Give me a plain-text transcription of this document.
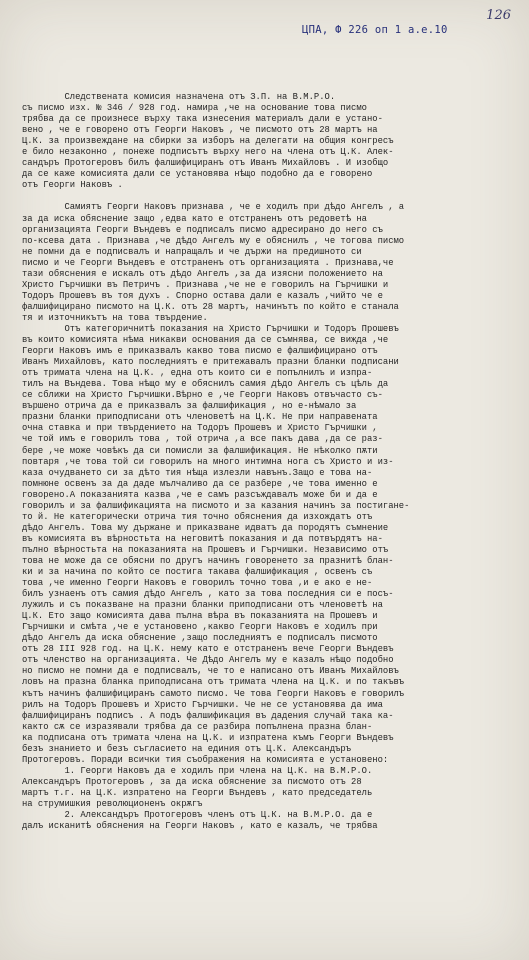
ЦПА, Ф 226 оп 1 а.е.10
126
Следствената комисия назначена отъ З.П. на В.М.Р.О.
съ писмо изх. № 346 / 928 год. намира ,че на основание това писмо
трябва да се произнесе върху така изнесения материалъ дали е устано-
вено , че е говорено отъ Георги Наковъ , че писмото отъ 28 мартъ на
Ц.К. за произвеждане на сбирки за изборъ на делегати на общия конгресъ
е било незаконно , понеже подписътъ върху него на члена отъ Ц.К. Алек-
сандъръ Протогеровъ билъ фалшифициранъ отъ Иванъ Михайловъ . И изобщо
да се каже комисията дали се установява нѣщо подобно да е говорено
отъ Георги Наковъ .
Самиятъ Георги Наковъ признава , че е ходилъ при дѣдо Ангелъ , а
за да иска обяснение защо ,едва като е отстраненъ отъ редоветѣ на
организацията Георги Въндевъ е подписалъ писмо адресирано до него съ
по-ксева дата . Признава ,че дѣдо Ангелъ му е обяснилъ , че тогова писмо
не помни да е подписвалъ и напращалъ и че държи на предишното си
писмо и че Георги Въндевъ е отстраненъ отъ организацията . Признава,че
тази обяснения е искалъ отъ дѣдо Ангелъ ,за да изясни положението на
Христо Гърчишки въ Петричъ . Признава ,че не е говорилъ на Гърчишки и
Тодоръ Прошевъ въ тоя духъ . Спорно остава дали е казалъ ,чийто че е
фалшифицирано писмото на Ц.К. отъ 28 мартъ, начинътъ по който е станала
тя и източникътъ на това твърдение.
Отъ категоричнитѣ показания на Христо Гърчишки и Тодоръ Прошевъ
въ които комисията нѣма никакви основания да се съмнява, се вижда ,че
Георги Наковъ имъ е приказвалъ какво това писмо е фалшифицирано отъ
Иванъ Михайловъ, като последниятъ е притежавалъ празни бланки подписани
отъ тримата члена на Ц.К. , една отъ които си е попълнилъ и изпра-
тилъ на Въндева. Това нѣщо му е обяснилъ самия дѣдо Ангелъ съ цѣль да
се сближи на Христо Гърчишки.Вѣрно е ,че Георги Наковъ отвъчасто съ-
вършено отрича да е приказвалъ за фалшификация , но е-нѣмало за
празни бланки приподписани отъ членоветѣ на Ц.К. Не при направената
очна ставка и при твърдението на Тодоръ Прошевъ и Христо Гърчишки ,
че той имъ е говорилъ това , той отрича ,а все пакъ дава ,да се раз-
бере ,че може човѣкъ да си помисли за фалшификация. Не нѣколко пѫти
повтаря ,че това той си говорилъ на много интимна нога съ Христо и из-
каза очудването си за дѣто тия нѣща излезли навънъ.Защо е това на-
помнюне освенъ за да даде мълчаливо да се разбере ,че това именно е
говорено.А показанията казва ,че е самъ разсъждавалъ може би и да е
говорилъ и за фалшификацията на писмото и за казания начинъ за постигане-
то й. Не категорически отрича тия точно обяснения да изхождатъ отъ
дѣдо Ангелъ. Това му държане и приказване идватъ да породятъ съмнение
въ комисията въ вѣрностьта на неговитѣ показания и да потвърдятъ на-
пълно вѣрностьта на показанията на Прошевъ и Гърчишки. Независимо отъ
това не може да се обясни по другъ начинъ говоренето за празнитѣ блан-
ки и за начина по който се постига такава фалшификация , освенъ съ
това ,че именно Георги Наковъ е говорилъ точно това ,и е ако е не-
билъ узнаенъ отъ самия дѣдо Ангелъ , като за това последния си е посъ-
лужилъ и съ показване на празни бланки приподписани отъ членоветѣ на
Ц.К. Ето защо комисията дава пълна вѣра въ показанията на Прошевъ и
Гърчишки и смѣта ,че е установено ,какво Георги Наковъ е ходилъ при
дѣдо Ангелъ да иска обяснение ,защо последниятъ е подписалъ писмото
отъ 28 III 928 год. на Ц.К. нему като е отстраненъ вече Георги Въндевъ
отъ членство на организацията. Че Дѣдо Ангелъ му е казалъ нѣщо подобно
но писмо не помни да е подписвалъ, че то е написано отъ Иванъ Михайловъ
ловъ на празна бланка приподписана отъ тримата члена на Ц.К. и по такъвъ
кътъ начинъ фалшифициранъ самото писмо. Че това Георги Наковъ е говорилъ
рилъ на Тодоръ Прошевъ и Христо Гърчишки. Че не се установява да има
фалшифициранъ подписъ . А подъ фалшификация въ дадения случай така ка-
както сѫ се изразявали трябва да се разбира попълнена празна блан-
ка подписана отъ тримата члена на Ц.К. и изпратена къмъ Георги Въндевъ
безъ знанието и безъ съгласието на единия отъ Ц.К. Александъръ
Протогеровъ. Поради всички тия съображения на комисията е установено:
1. Георги Наковъ да е ходилъ при члена на Ц.К. на В.М.Р.О.
Александъръ Протогеровъ , за да иска обяснение за писмото отъ 28
мартъ т.г. на Ц.К. изпратено на Георги Въндевъ , като председатель
на струмишкия революционенъ окрѫгъ
2. Александъръ Протогеровъ членъ отъ Ц.К. на В.М.Р.О. да е
далъ исканитѣ обяснения на Георги Наковъ , като е казалъ, че трябва
